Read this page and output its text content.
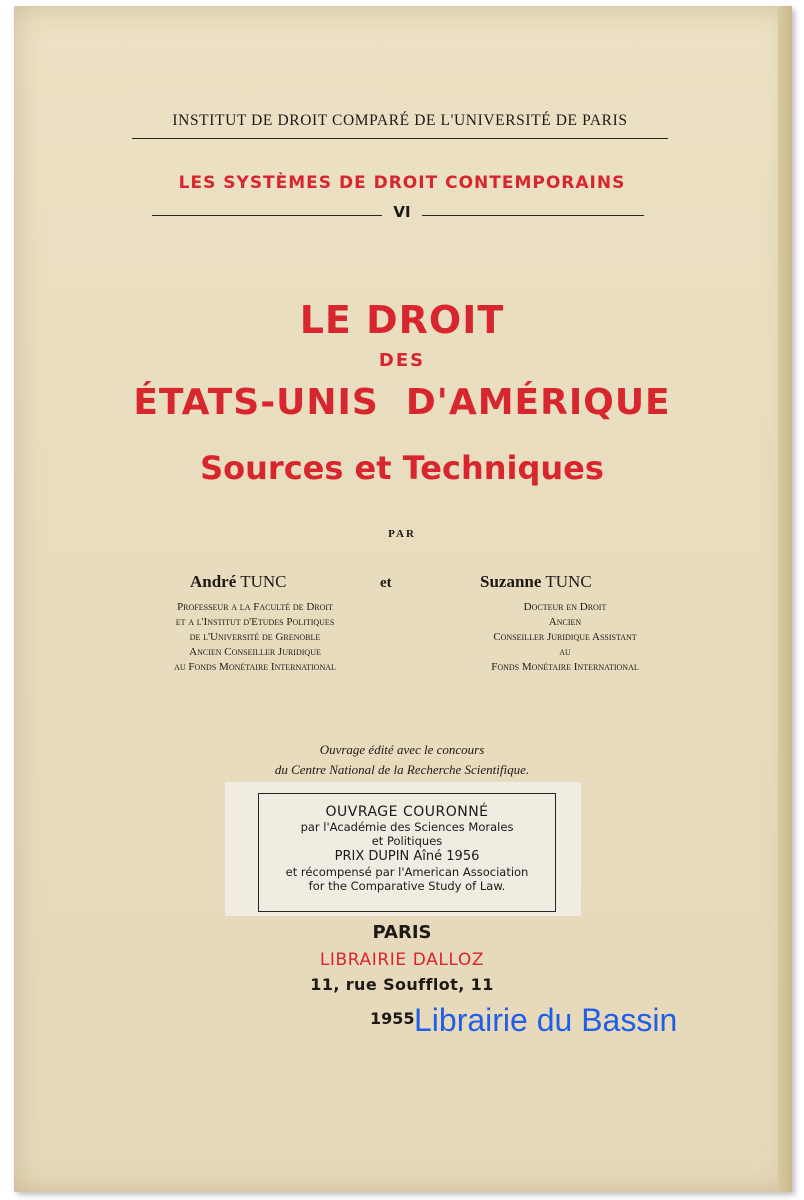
INSTITUT DE DROIT COMPARÉ DE L'UNIVERSITÉ DE PARIS
LES SYSTÈMES DE DROIT CONTEMPORAINS
VI
LE DROIT
DES
ÉTATS-UNIS  D'AMÉRIQUE
Sources et Techniques
PAR
André TUNC	et	Suzanne TUNC
Professeur a la Faculté de Droit
et a l'Institut d'Etudes Politiques
de l'Université de Grenoble
Ancien Conseiller Juridique
au Fonds Monétaire International
Docteur en Droit
Ancien
Conseiller Juridique Assistant
au
Fonds Monétaire International
Ouvrage édité avec le concours
du Centre National de la Recherche Scientifique.
OUVRAGE COURONNÉ
par l'Académie des Sciences Morales
et Politiques
PRIX DUPIN Aîné 1956
et récompensé par l'American Association
for the Comparative Study of Law.
PARIS
LIBRAIRIE DALLOZ
11, rue Soufflot, 11
1955 Librairie du Bassin
